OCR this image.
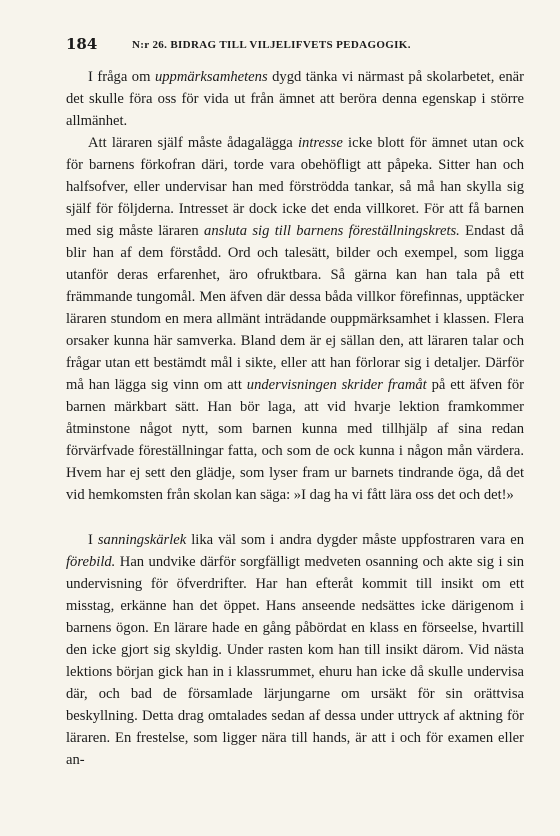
184	N:r 26. BIDRAG TILL VILJELIFVETS PEDAGOGIK.

I fråga om uppmärksamhetens dygd tänka vi närmast på skolarbetet, enär det skulle föra oss för vida ut från ämnet att beröra denna egenskap i större allmänhet.

Att läraren själf måste ådagalägga intresse icke blott för ämnet utan ock för barnens förkofran däri, torde vara obehöfligt att påpeka. Sitter han och halfsofver, eller undervisar han med förströdda tankar, så må han skylla sig själf för följderna. Intresset är dock icke det enda villkoret. För att få barnen med sig måste läraren ansluta sig till barnens föreställningskrets. Endast då blir han af dem förstådd. Ord och talesätt, bilder och exempel, som ligga utanför deras erfarenhet, äro ofruktbara. Så gärna kan han tala på ett främmande tungomål. Men äfven där dessa båda villkor förefinnas, upptäcker läraren stundom en mera allmänt inträdande ouppmärksamhet i klassen. Flera orsaker kunna här samverka. Bland dem är ej sällan den, att läraren talar och frågar utan ett bestämdt mål i sikte, eller att han förlorar sig i detaljer. Därför må han lägga sig vinn om att undervisningen skrider framåt på ett äfven för barnen märkbart sätt. Han bör laga, att vid hvarje lektion framkommer åtminstone något nytt, som barnen kunna med tillhjälp af sina redan förvärfvade föreställningar fatta, och som de ock kunna i någon mån värdera. Hvem har ej sett den glädje, som lyser fram ur barnets tindrande öga, då det vid hemkomsten från skolan kan säga: »I dag ha vi fått lära oss det och det!»

I sanningskärlek lika väl som i andra dygder måste uppfostraren vara en förebild. Han undvike därför sorgfälligt medveten osanning och akte sig i sin undervisning för öfverdrifter. Har han efteråt kommit till insikt om ett misstag, erkänne han det öppet. Hans anseende nedsättes icke därigenom i barnens ögon. En lärare hade en gång påbördat en klass en förseelse, hvartill den icke gjort sig skyldig. Under rasten kom han till insikt därom. Vid nästa lektions början gick han in i klassrummet, ehuru han icke då skulle undervisa där, och bad de församlade lärjungarne om ursäkt för sin orättvisa beskyllning. Detta drag omtalades sedan af dessa under uttryck af aktning för läraren. En frestelse, som ligger nära till hands, är att i och för examen eller an-
